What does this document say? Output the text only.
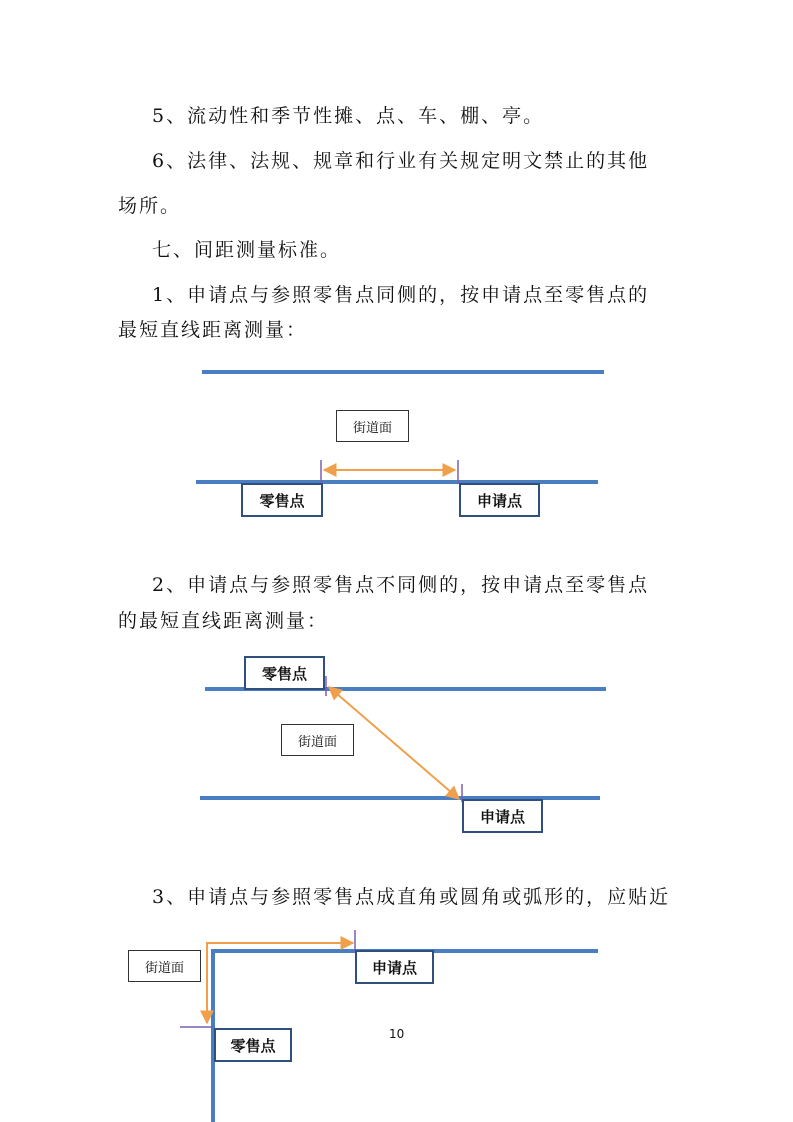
5、流动性和季节性摊、点、车、棚、亭。
6、法律、法规、规章和行业有关规定明文禁止的其他
场所。
七、间距测量标准。
1、申请点与参照零售点同侧的，按申请点至零售点的
最短直线距离测量：
2、申请点与参照零售点不同侧的，按申请点至零售点
的最短直线距离测量：
3、申请点与参照零售点成直角或圆角或弧形的，应贴近
街道面
零售点	申请点
零售点
街道面
申请点
街道面	申请点
零售点
10
